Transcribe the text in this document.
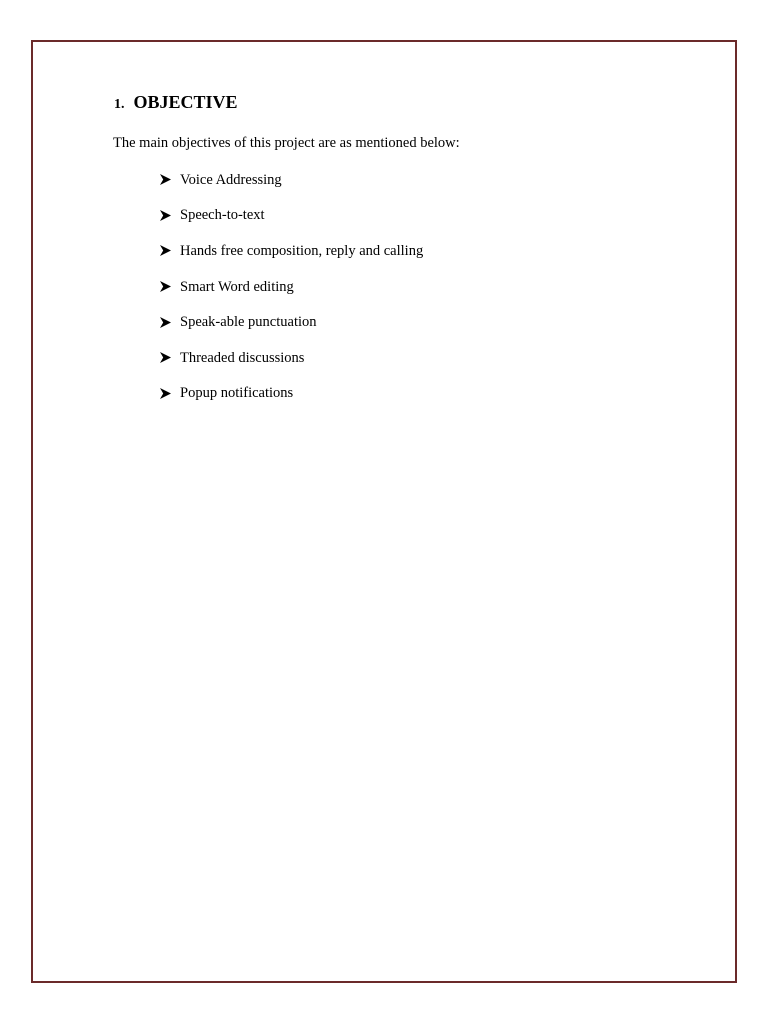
1. OBJECTIVE
The main objectives of this project are as mentioned below:
Voice Addressing
Speech-to-text
Hands free composition, reply and calling
Smart Word editing
Speak-able punctuation
Threaded discussions
Popup notifications
